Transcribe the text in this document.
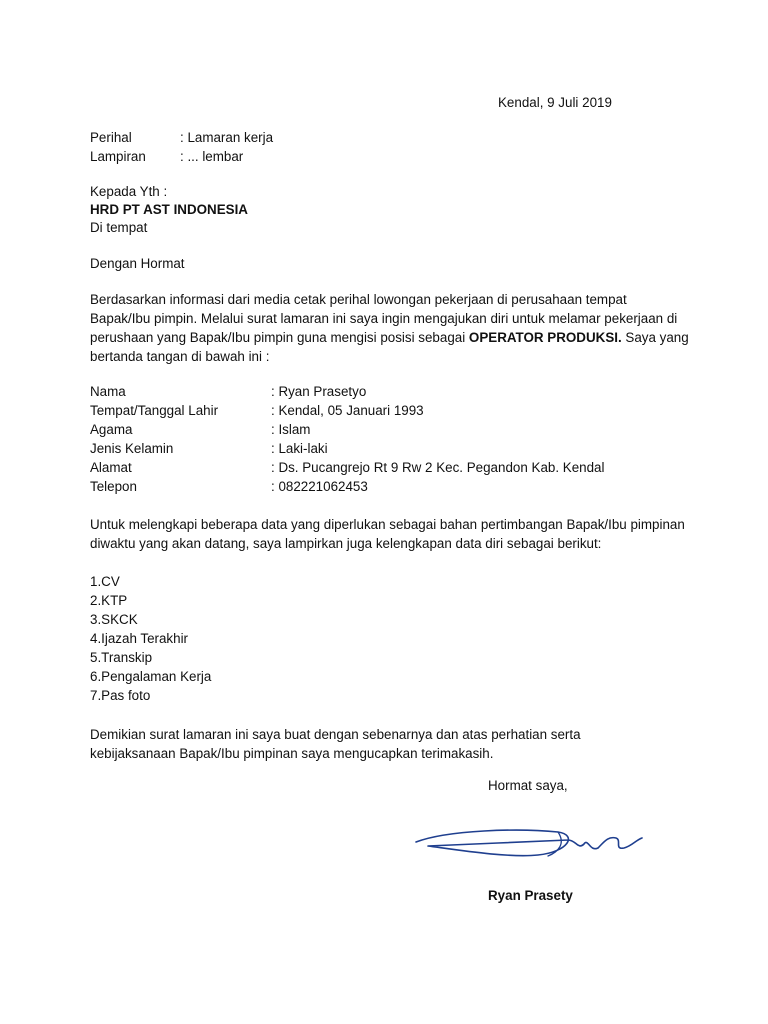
Kendal, 9 Juli 2019
Perihal	: Lamaran kerja
Lampiran	: ... lembar
Kepada Yth :
HRD PT AST INDONESIA
Di tempat
Dengan Hormat
Berdasarkan informasi dari media cetak perihal lowongan pekerjaan di perusahaan tempat Bapak/Ibu pimpin. Melalui surat lamaran ini saya ingin mengajukan diri untuk melamar pekerjaan di perushaan yang Bapak/Ibu pimpin guna mengisi posisi sebagai OPERATOR PRODUKSI. Saya yang bertanda tangan di bawah ini :
Nama	: Ryan Prasetyo
Tempat/Tanggal Lahir	: Kendal, 05 Januari 1993
Agama	: Islam
Jenis Kelamin	: Laki-laki
Alamat	: Ds. Pucangrejo Rt 9 Rw 2 Kec. Pegandon Kab. Kendal
Telepon	: 082221062453
Untuk melengkapi beberapa data yang diperlukan sebagai bahan pertimbangan Bapak/Ibu pimpinan diwaktu yang akan datang, saya lampirkan juga kelengkapan data diri sebagai berikut:
1.CV
2.KTP
3.SKCK
4.Ijazah Terakhir
5.Transkip
6.Pengalaman Kerja
7.Pas foto
Demikian surat lamaran ini saya buat dengan sebenarnya dan atas perhatian serta kebijaksanaan Bapak/Ibu pimpinan saya mengucapkan terimakasih.
Hormat saya,
Ryan Prasety
